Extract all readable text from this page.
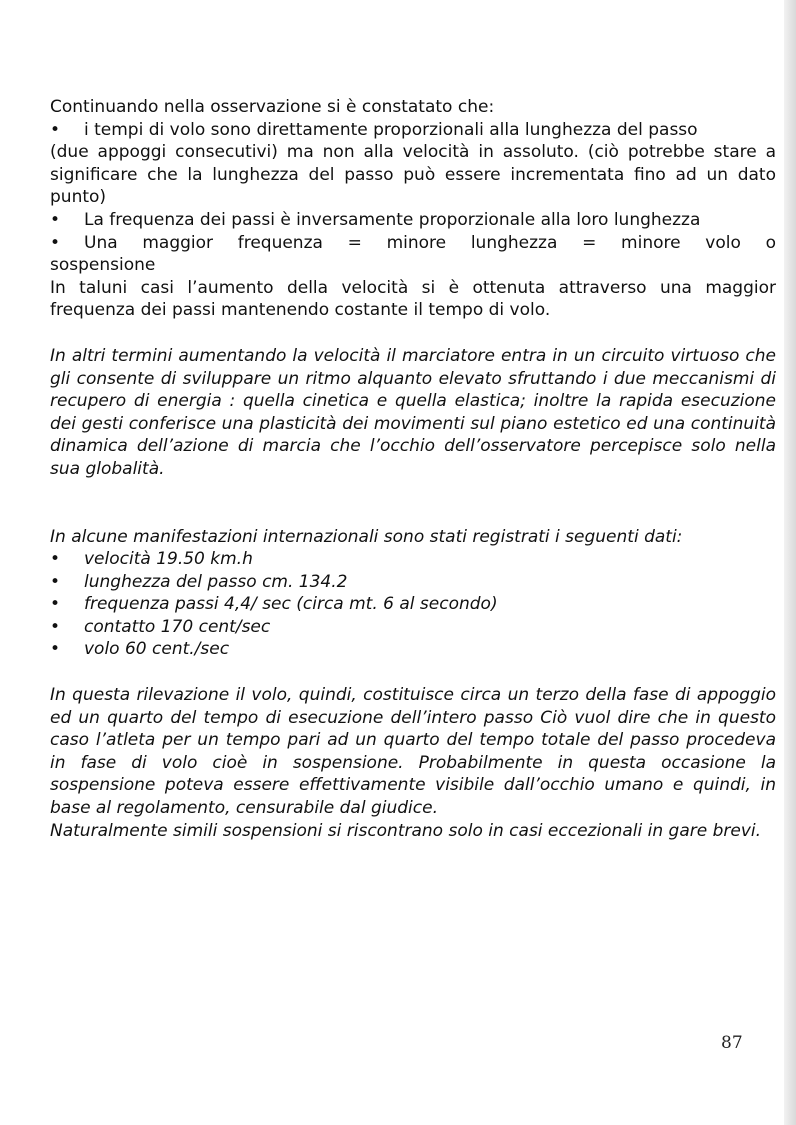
Continuando nella osservazione si è constatato che:

•	i tempi di volo sono direttamente proporzionali alla lunghezza del passo

(due appoggi consecutivi) ma non alla velocità in assoluto. (ciò potrebbe stare a significare che la lunghezza del passo può essere incrementata fino ad un dato punto)

•	La frequenza dei passi è inversamente proporzionale alla loro lunghezza
•	Una maggior frequenza = minore lunghezza = minore volo o

sospensione

In taluni casi l’aumento della velocità si è ottenuta attraverso una maggior frequenza dei passi mantenendo costante il tempo di volo.

In altri termini aumentando la velocità il marciatore entra in un circuito virtuoso che gli consente di sviluppare un ritmo alquanto elevato sfruttando i due meccanismi di recupero di energia : quella cinetica e quella elastica; inoltre la rapida esecuzione dei gesti conferisce una plasticità dei movimenti sul piano estetico ed una continuità dinamica dell’azione di marcia che l’occhio dell’osservatore percepisce solo nella sua globalità.

In alcune manifestazioni internazionali sono stati registrati i seguenti dati:

•	velocità 19.50 km.h
•	lunghezza del passo cm. 134.2
•	frequenza passi 4,4/ sec (circa mt. 6 al secondo)
•	contatto 170 cent/sec
•	volo 60 cent./sec

In questa rilevazione il volo, quindi, costituisce circa un terzo della fase di appoggio ed un quarto del tempo di esecuzione dell’intero passo Ciò vuol dire che in questo caso l’atleta per un tempo pari ad un quarto del tempo totale del passo procedeva in fase di volo cioè in sospensione. Probabilmente in questa occasione la sospensione poteva essere effettivamente visibile dall’occhio umano e quindi, in base al regolamento, censurabile dal giudice.

Naturalmente simili sospensioni si riscontrano solo in casi eccezionali in gare brevi.

87
